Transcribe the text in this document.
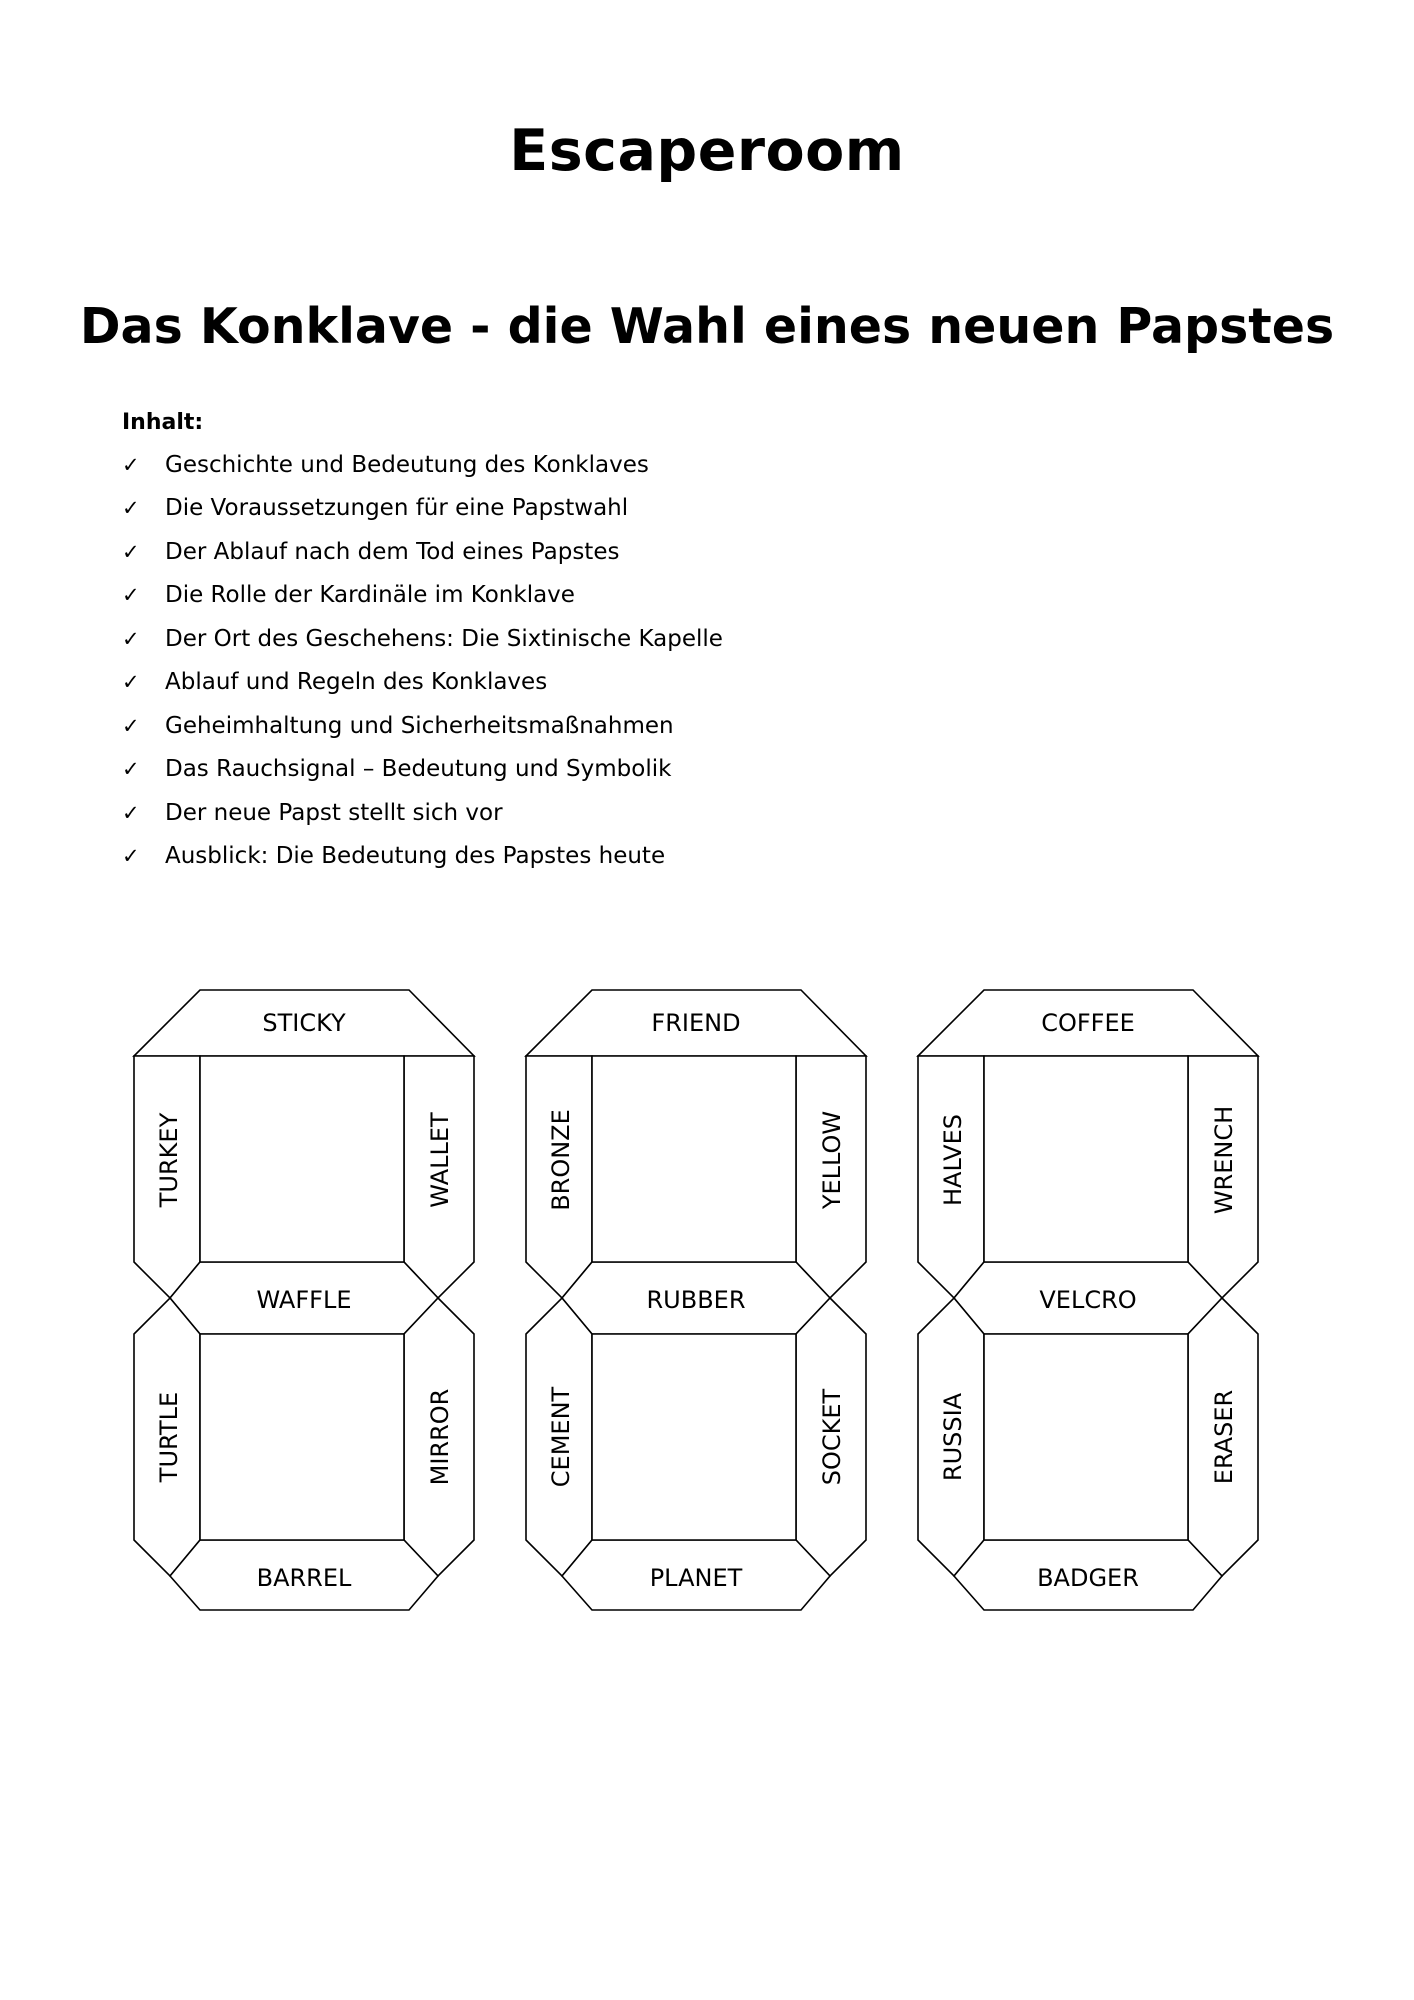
Escaperoom
Das Konklave - die Wahl eines neuen Papstes
Inhalt:
✓	Geschichte und Bedeutung des Konklaves
✓	Die Voraussetzungen für eine Papstwahl
✓	Der Ablauf nach dem Tod eines Papstes
✓	Die Rolle der Kardinäle im Konklave
✓	Der Ort des Geschehens: Die Sixtinische Kapelle
✓	Ablauf und Regeln des Konklaves
✓	Geheimhaltung und Sicherheitsmaßnahmen
✓	Das Rauchsignal – Bedeutung und Symbolik
✓	Der neue Papst stellt sich vor
✓	Ausblick: Die Bedeutung des Papstes heute
STICKY
TURKEY	WALLET
WAFFLE
TURTLE	MIRROR
BARREL
FRIEND
BRONZE	YELLOW
RUBBER
CEMENT	SOCKET
PLANET
COFFEE
HALVES	WRENCH
VELCRO
RUSSIA	ERASER
BADGER
